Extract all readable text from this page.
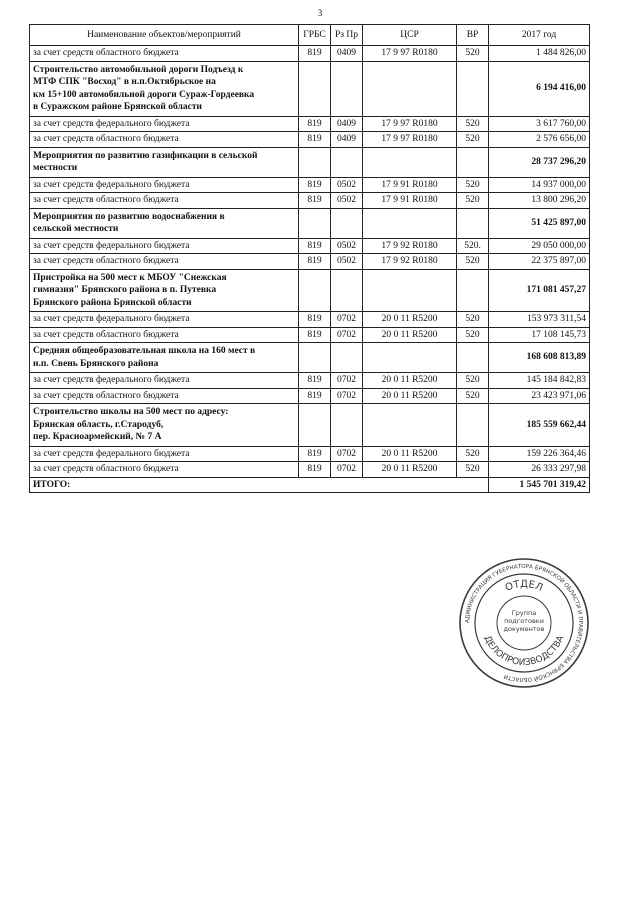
3
Наименование объектов/мероприятий	ГРБС	Рз Пр	ЦСР	ВР	2017 год
за счет средств областного бюджета	819	0409	17 9 97 R0180	520	1 484 826,00
Строительство автомобильной дороги Подъезд к
МТФ СПК "Восход" в н.п.Октябрьское на
км 15+100 автомобильной дороги Сураж-Гордеевка
в Суражском районе Брянской области					6 194 416,00
за счет средств федерального бюджета	819	0409	17 9 97 R0180	520	3 617 760,00
за счет средств областного бюджета	819	0409	17 9 97 R0180	520	2 576 656,00
Мероприятия по развитию газификации в сельской
местности					28 737 296,20
за счет средств федерального бюджета	819	0502	17 9 91 R0180	520	14 937 000,00
за счет средств областного бюджета	819	0502	17 9 91 R0180	520	13 800 296,20
Мероприятия по развитию водоснабжения в
сельской местности					51 425 897,00
за счет средств федерального бюджета	819	0502	17 9 92 R0180	520.	29 050 000,00
за счет средств областного бюджета	819	0502	17 9 92 R0180	520	22 375 897,00
Пристройка на 500 мест к МБОУ "Снежская
гимназия" Брянского района в п. Путевка
Брянского района Брянской области					171 081 457,27
за счет средств федерального бюджета	819	0702	20 0 11 R5200	520	153 973 311,54
за счет средств областного бюджета	819	0702	20 0 11 R5200	520	17 108 145,73
Средняя общеобразовательная школа на 160 мест в
н.п. Свень Брянского района					168 608 813,89
за счет средств федерального бюджета	819	0702	20 0 11 R5200	520	145 184 842,83
за счет средств областного бюджета	819	0702	20 0 11 R5200	520	23 423 971,06
Строительство школы на 500 мест по адресу:
Брянская область, г.Стародуб,
пер. Красноармейский, № 7 А					185 559 662,44
за счет средств федерального бюджета	819	0702	20 0 11 R5200	520	159 226 364,46
за счет средств областного бюджета	819	0702	20 0 11 R5200	520	26 333 297,98
ИТОГО:					1 545 701 319,42
АДМИНИСТРАЦИЯ ГУБЕРНАТОРА БРЯНСКОЙ ОБЛАСТИ И ПРАВИТЕЛЬСТВА БРЯНСКОЙ ОБЛАСТИ
ОТДЕЛ
ДЕЛОПРОИЗВОДСТВА
Группа подготовки документов
